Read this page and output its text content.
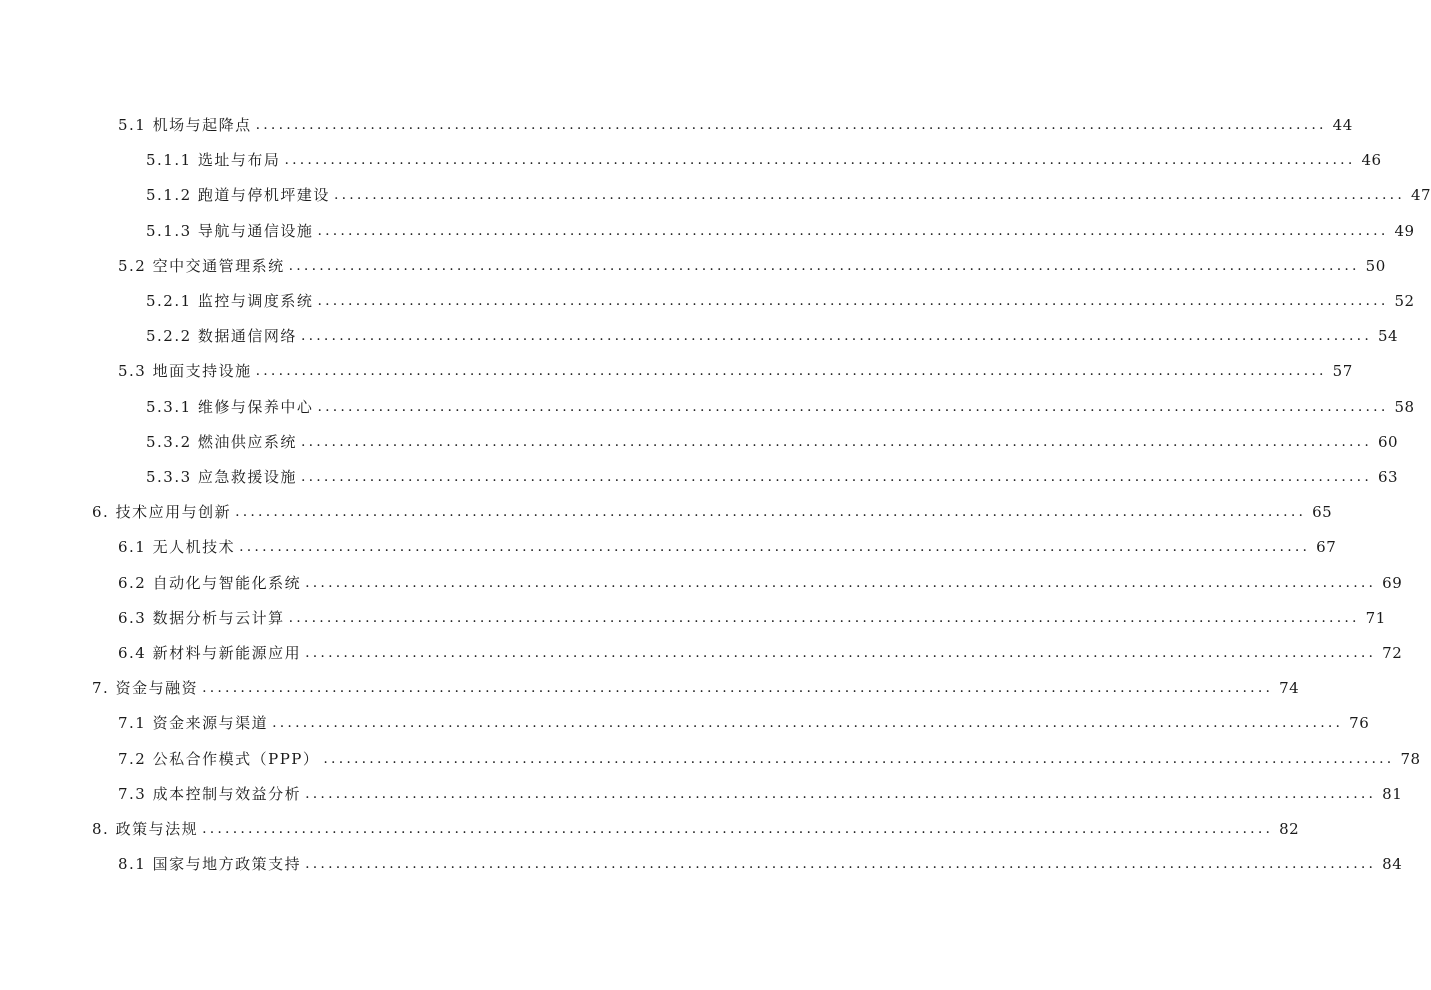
5.1 机场与起降点 ............................................................................................................................................ 44
5.1.1 选址与布局 ............................................................................................................................................ 46
5.1.2 跑道与停机坪建设 ............................................................................................................................................ 47
5.1.3 导航与通信设施 ............................................................................................................................................ 49
5.2 空中交通管理系统 ............................................................................................................................................ 50
5.2.1 监控与调度系统 ............................................................................................................................................ 52
5.2.2 数据通信网络 ............................................................................................................................................ 54
5.3 地面支持设施 ............................................................................................................................................ 57
5.3.1 维修与保养中心 ............................................................................................................................................ 58
5.3.2 燃油供应系统 ............................................................................................................................................ 60
5.3.3 应急救援设施 ............................................................................................................................................ 63
6. 技术应用与创新 ............................................................................................................................................ 65
6.1 无人机技术 ............................................................................................................................................ 67
6.2 自动化与智能化系统 ............................................................................................................................................ 69
6.3 数据分析与云计算 ............................................................................................................................................ 71
6.4 新材料与新能源应用 ............................................................................................................................................ 72
7. 资金与融资 ............................................................................................................................................ 74
7.1 资金来源与渠道 ............................................................................................................................................ 76
7.2 公私合作模式（PPP） ............................................................................................................................................ 78
7.3 成本控制与效益分析 ............................................................................................................................................ 81
8. 政策与法规 ............................................................................................................................................ 82
8.1 国家与地方政策支持 ............................................................................................................................................ 84
